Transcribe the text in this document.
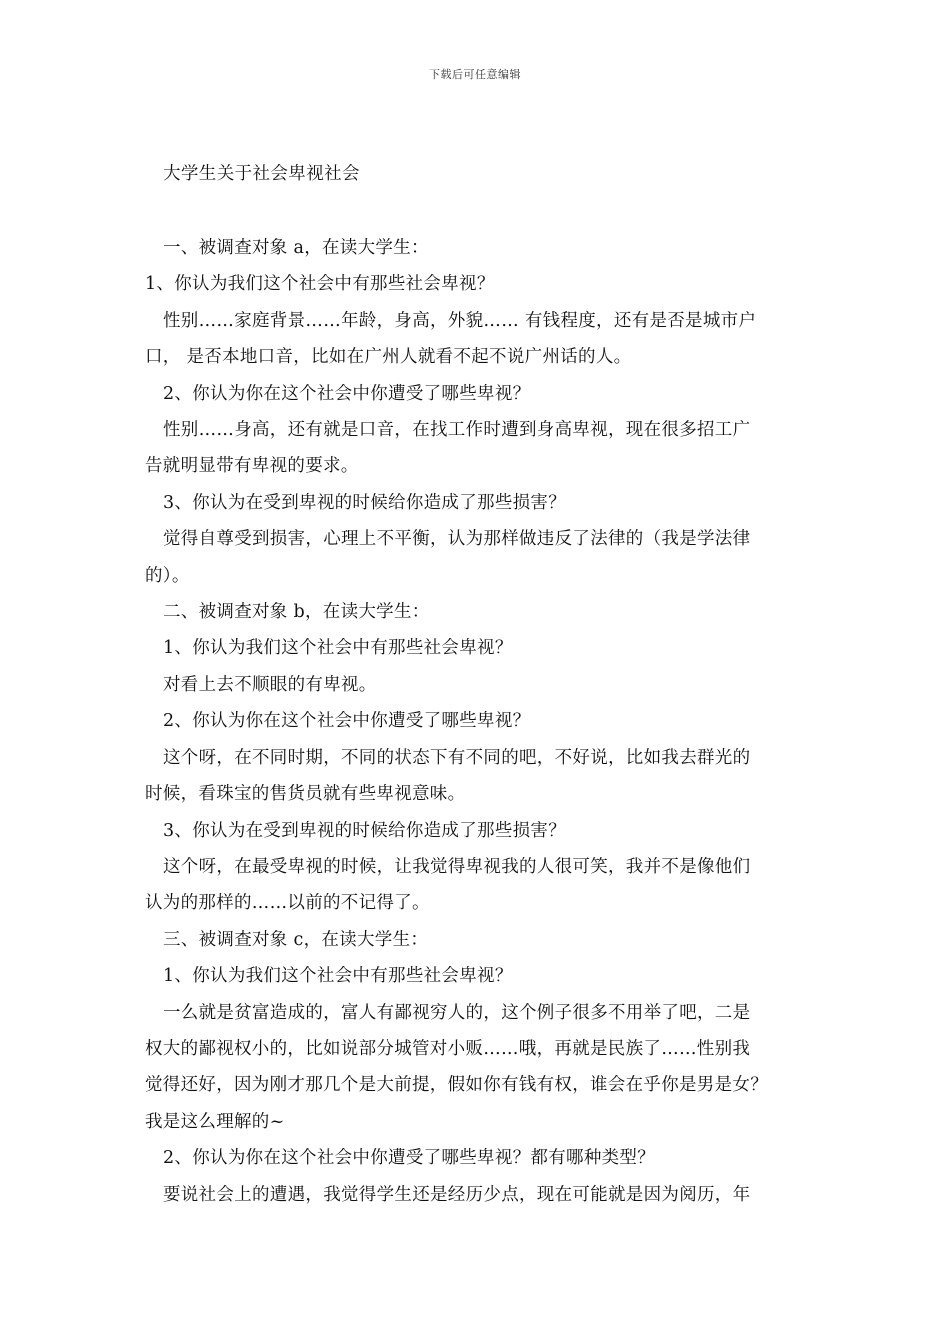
下载后可任意编辑
大学生关于社会卑视社会

一、被调查对象 a，在读大学生：

1、你认为我们这个社会中有那些社会卑视？

性别……家庭背景……年龄，身高，外貌…… 有钱程度，还有是否是城市户

口， 是否本地口音，比如在广州人就看不起不说广州话的人。

2、你认为你在这个社会中你遭受了哪些卑视？

性别……身高，还有就是口音，在找工作时遭到身高卑视，现在很多招工广

告就明显带有卑视的要求。

3、你认为在受到卑视的时候给你造成了那些损害？

觉得自尊受到损害，心理上不平衡，认为那样做违反了法律的（我是学法律

的）。

二、被调查对象 b，在读大学生：

1、你认为我们这个社会中有那些社会卑视？

对看上去不顺眼的有卑视。

2、你认为你在这个社会中你遭受了哪些卑视？

这个呀，在不同时期，不同的状态下有不同的吧，不好说，比如我去群光的

时候，看珠宝的售货员就有些卑视意味。

3、你认为在受到卑视的时候给你造成了那些损害？

这个呀，在最受卑视的时候，让我觉得卑视我的人很可笑，我并不是像他们

认为的那样的……以前的不记得了。

三、被调查对象 c，在读大学生：

1、你认为我们这个社会中有那些社会卑视？

一么就是贫富造成的，富人有鄙视穷人的，这个例子很多不用举了吧，二是

权大的鄙视权小的，比如说部分城管对小贩……哦，再就是民族了……性别我

觉得还好，因为刚才那几个是大前提，假如你有钱有权，谁会在乎你是男是女？

我是这么理解的~

2、你认为你在这个社会中你遭受了哪些卑视？都有哪种类型？

要说社会上的遭遇，我觉得学生还是经历少点，现在可能就是因为阅历，年
